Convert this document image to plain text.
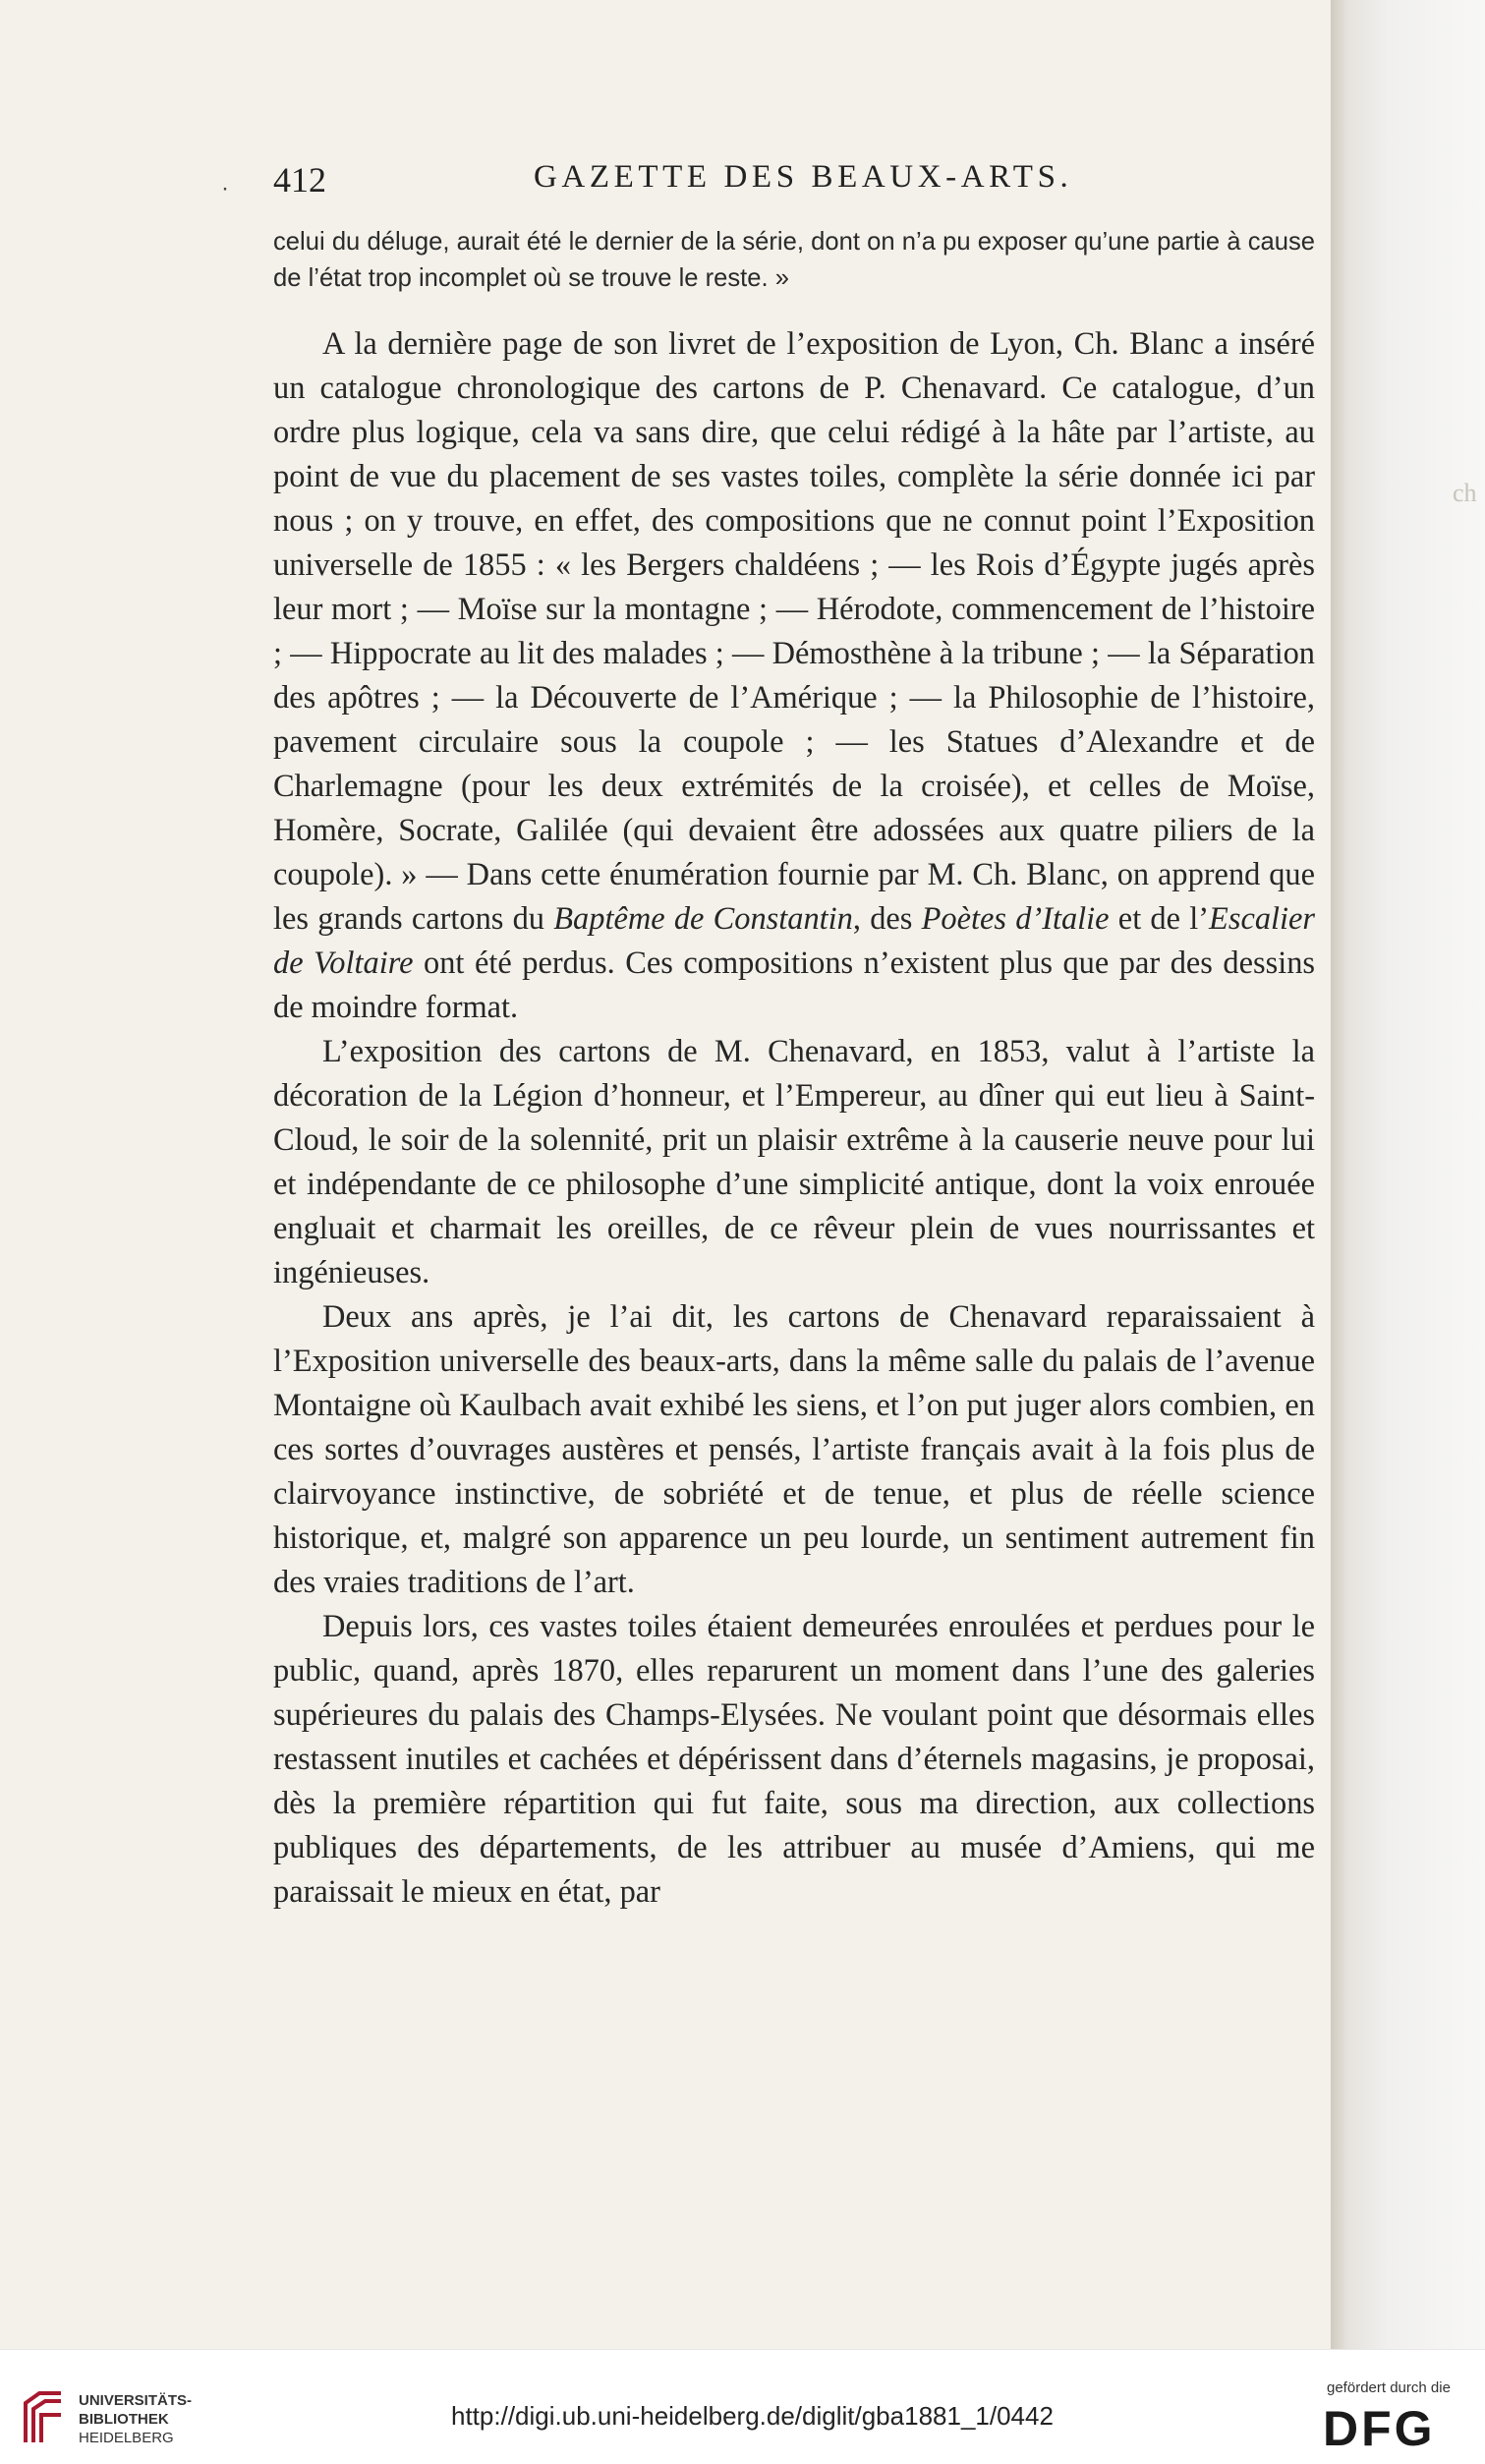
· 412	GAZETTE DES BEAUX-ARTS.

celui du déluge, aurait été le dernier de la série, dont on n’a pu exposer qu’une partie à cause de l’état trop incomplet où se trouve le reste. »

A la dernière page de son livret de l’exposition de Lyon, Ch. Blanc a inséré un catalogue chronologique des cartons de P. Chenavard. Ce catalogue, d’un ordre plus logique, cela va sans dire, que celui rédigé à la hâte par l’artiste, au point de vue du placement de ses vastes toiles, complète la série donnée ici par nous ; on y trouve, en effet, des compositions que ne connut point l’Exposition universelle de 1855 : « les Bergers chaldéens ; — les Rois d’Égypte jugés après leur mort ; — Moïse sur la montagne ; — Hérodote, commencement de l’histoire ; — Hippocrate au lit des malades ; — Démosthène à la tribune ; — la Séparation des apôtres ; — la Découverte de l’Amérique ; — la Philosophie de l’histoire, pavement circulaire sous la coupole ; — les Statues d’Alexandre et de Charlemagne (pour les deux extrémités de la croisée), et celles de Moïse, Homère, Socrate, Galilée (qui devaient être adossées aux quatre piliers de la coupole). » — Dans cette énumération fournie par M. Ch. Blanc, on apprend que les grands cartons du Baptême de Constantin, des Poètes d’Italie et de l’Escalier de Voltaire ont été perdus. Ces compositions n’existent plus que par des dessins de moindre format.

L’exposition des cartons de M. Chenavard, en 1853, valut à l’artiste la décoration de la Légion d’honneur, et l’Empereur, au dîner qui eut lieu à Saint-Cloud, le soir de la solennité, prit un plaisir extrême à la causerie neuve pour lui et indépendante de ce philosophe d’une simplicité antique, dont la voix enrouée engluait et charmait les oreilles, de ce rêveur plein de vues nourrissantes et ingénieuses.

Deux ans après, je l’ai dit, les cartons de Chenavard reparaissaient à l’Exposition universelle des beaux-arts, dans la même salle du palais de l’avenue Montaigne où Kaulbach avait exhibé les siens, et l’on put juger alors combien, en ces sortes d’ouvrages austères et pensés, l’artiste français avait à la fois plus de clairvoyance instinctive, de sobriété et de tenue, et plus de réelle science historique, et, malgré son apparence un peu lourde, un sentiment autrement fin des vraies traditions de l’art.

Depuis lors, ces vastes toiles étaient demeurées enroulées et perdues pour le public, quand, après 1870, elles reparurent un moment dans l’une des galeries supérieures du palais des Champs-Elysées. Ne voulant point que désormais elles restassent inutiles et cachées et dépérissent dans d’éternels magasins, je proposai, dès la première répartition qui fut faite, sous ma direction, aux collections publiques des départements, de les attribuer au musée d’Amiens, qui me paraissait le mieux en état, par

ch
UNIVERSITÄTS-
BIBLIOTHEK
HEIDELBERG
http://digi.ub.uni-heidelberg.de/diglit/gba1881_1/0442
gefördert durch die
DFG
